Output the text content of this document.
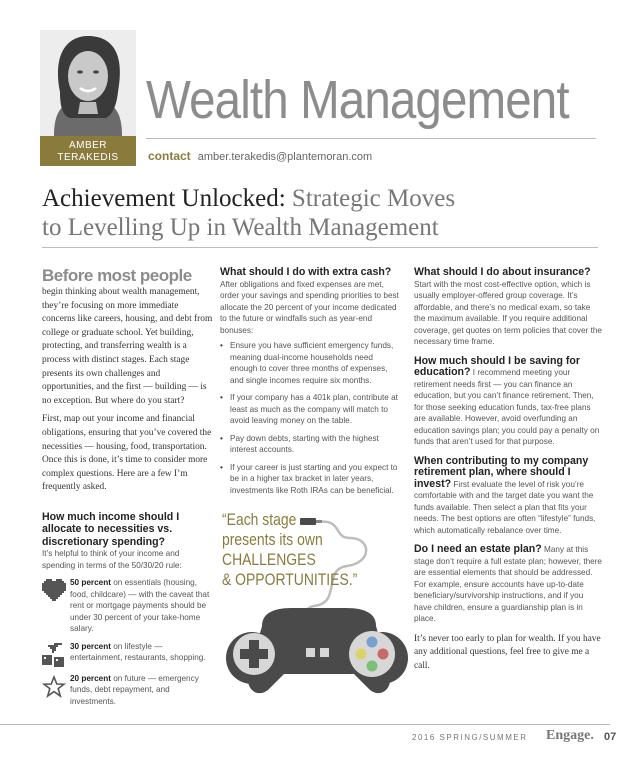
AMBER
TERAKEDIS
Wealth Management
contact amber.terakedis@plantemoran.com
Achievement Unlocked: Strategic Moves
to Levelling Up in Wealth Management
Before most people

begin thinking about wealth management, they’re focusing on more immediate concerns like careers, housing, and debt from college or graduate school. Yet building, protecting, and transferring wealth is a process with distinct stages. Each stage presents its own challenges and opportunities, and the first — building — is no exception. But where do you start?

First, map out your income and financial obligations, ensuring that you’ve covered the necessities — housing, food, transportation. Once this is done, it’s time to consider more complex questions. Here are a few I’m frequently asked.

How much income should I allocate to necessities vs. discretionary spending?

It’s helpful to think of your income and spending in terms of the 50/30/20 rule:

50 percent on essentials (housing, food, childcare) — with the caveat that rent or mortgage payments should be under 30 percent of your take-home salary.
30 percent on lifestyle — entertainment, restaurants, shopping.
20 percent on future — emergency funds, debt repayment, and investments.
What should I do with extra cash?

After obligations and fixed expenses are met, order your savings and spending priorities to best allocate the 20 percent of your income dedicated to the future or windfalls such as year-end bonuses:

• Ensure you have sufficient emergency funds, meaning dual-income households need enough to cover three months of expenses, and single incomes require six months.
• If your company has a 401k plan, contribute at least as much as the company will match to avoid leaving money on the table.
• Pay down debts, starting with the highest interest accounts.
• If your career is just starting and you expect to be in a higher tax bracket in later years, investments like Roth IRAs can be beneficial.
“Each stage
presents its own
CHALLENGES
& OPPORTUNITIES.”
What should I do about insurance?

Start with the most cost-effective option, which is usually employer-offered group coverage. It’s affordable, and there’s no medical exam, so take the maximum available. If you require additional coverage, get quotes on term policies that cover the necessary time frame.

How much should I be saving for education? I recommend meeting your retirement needs first — you can finance an education, but you can’t finance retirement. Then, for those seeking education funds, tax-free plans are available. However, avoid overfunding an education savings plan; you could pay a penalty on funds that aren’t used for that purpose.

When contributing to my company retirement plan, where should I invest? First evaluate the level of risk you’re comfortable with and the target date you want the funds available. Then select a plan that fits your needs. The best options are often “lifestyle” funds, which automatically rebalance over time.

Do I need an estate plan? Many at this stage don’t require a full estate plan; however, there are essential elements that should be addressed. For example, ensure accounts have up-to-date beneficiary/survivorship instructions, and if you have children, ensure a guardianship plan is in place.

It’s never too early to plan for wealth. If you have any additional questions, feel free to give me a call.

2016 SPRING/SUMMER Engage. 07
